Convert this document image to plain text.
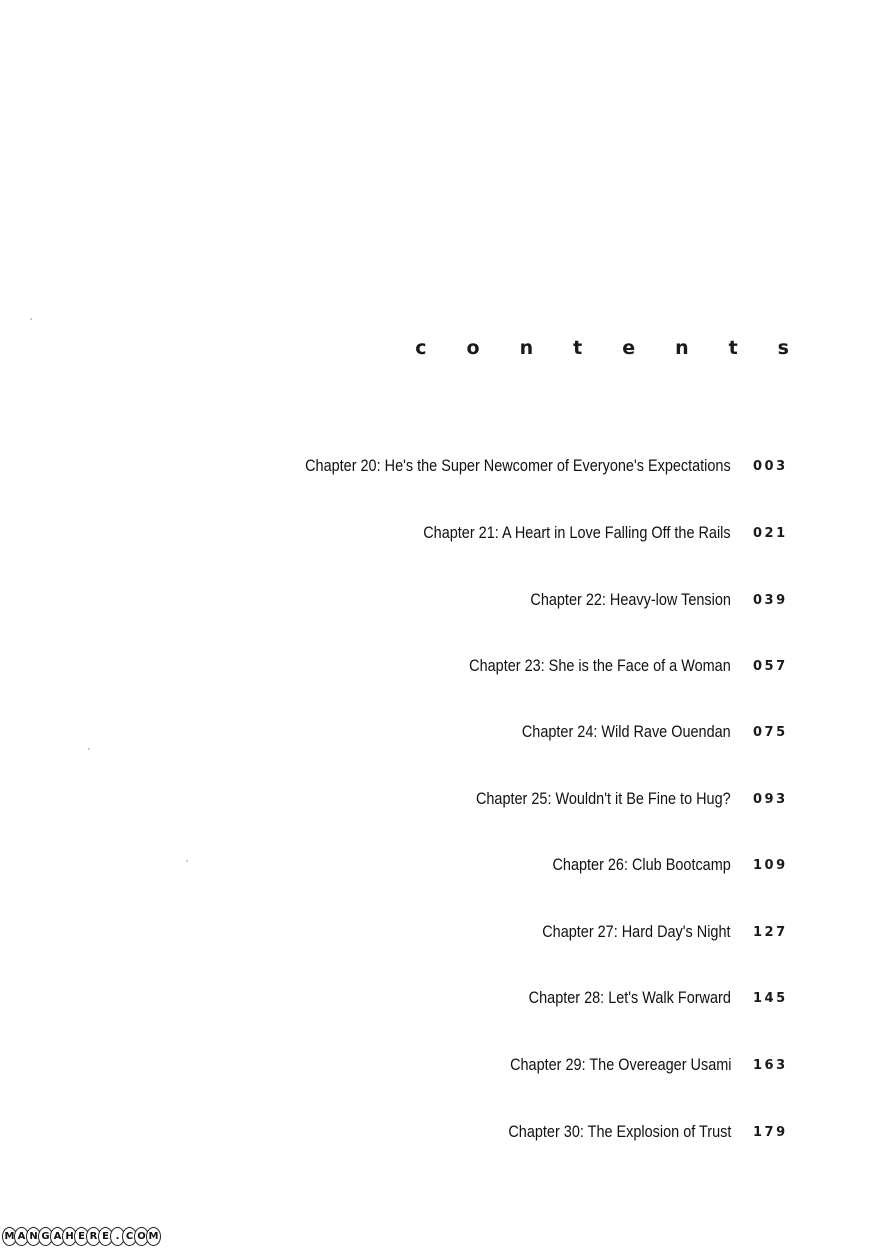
contents
Chapter 20: He's the Super Newcomer of Everyone's Expectations 003
Chapter 21: A Heart in Love Falling Off the Rails 021
Chapter 22: Heavy-low Tension 039
Chapter 23: She is the Face of a Woman 057
Chapter 24: Wild Rave Ouendan 075
Chapter 25: Wouldn't it Be Fine to Hug? 093
Chapter 26: Club Bootcamp 109
Chapter 27: Hard Day's Night 127
Chapter 28: Let's Walk Forward 145
Chapter 29: The Overeager Usami 163
Chapter 30: The Explosion of Trust 179
M A N G A H E R E . C O M
